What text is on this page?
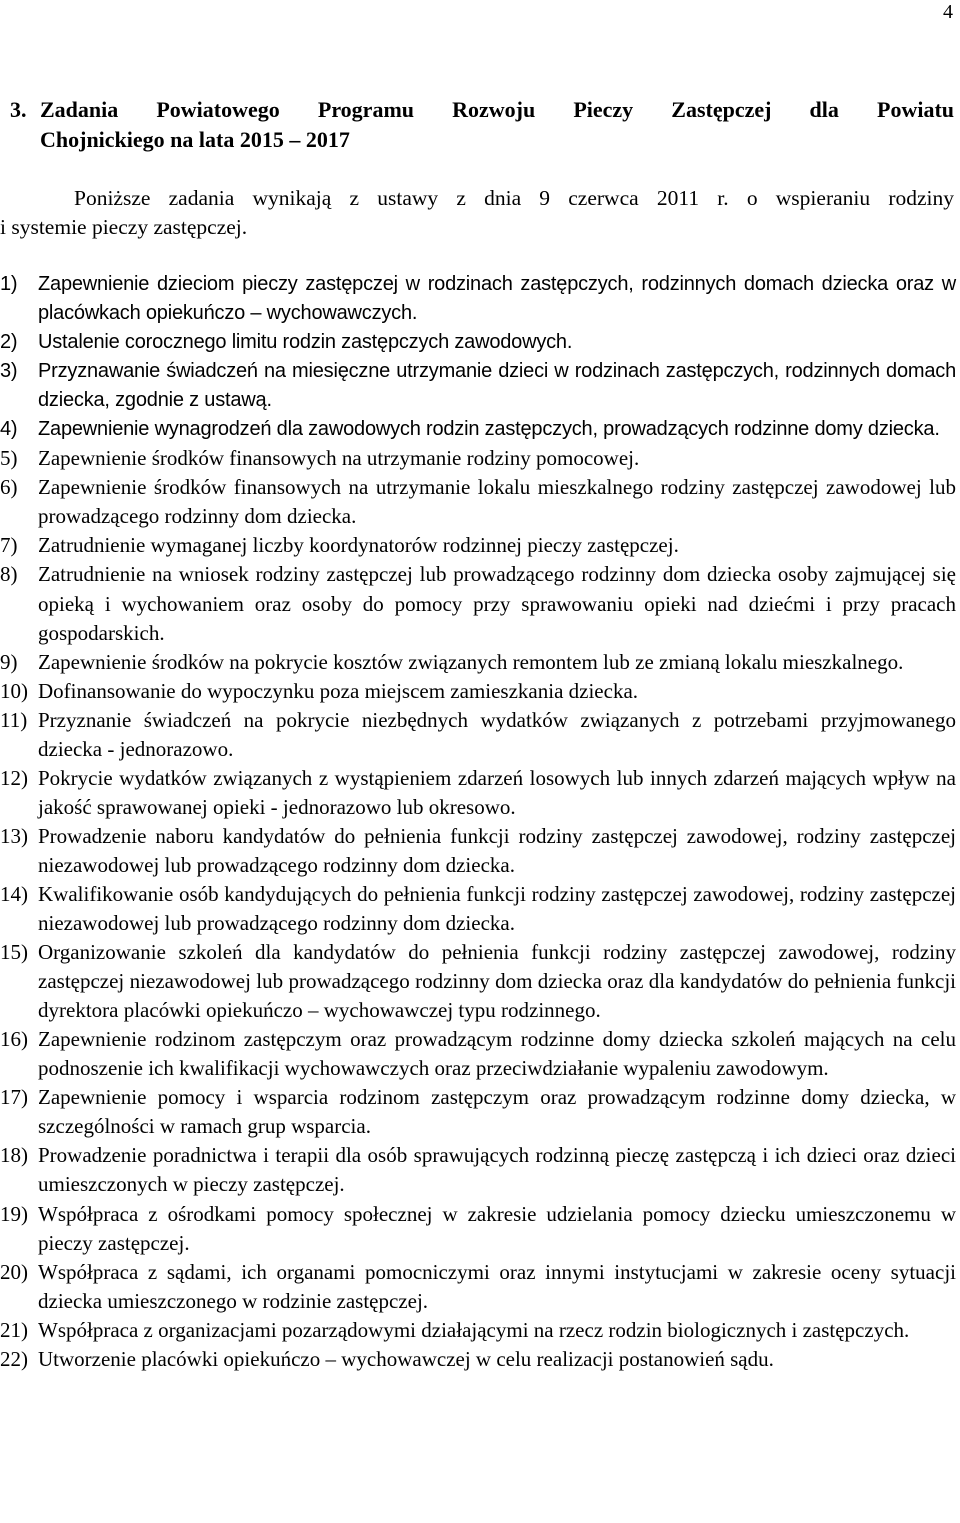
4
3. Zadania Powiatowego Programu Rozwoju Pieczy Zastępczej dla Powiatu
Chojnickiego na lata 2015 – 2017

Poniższe zadania wynikają z ustawy z dnia 9 czerwca 2011 r. o wspieraniu rodziny
i systemie pieczy zastępczej.

1)	Zapewnienie dzieciom pieczy zastępczej w rodzinach zastępczych, rodzinnych domach dziecka oraz w placówkach opiekuńczo – wychowawczych.
2)	Ustalenie corocznego limitu rodzin zastępczych zawodowych.
3)	Przyznawanie świadczeń na miesięczne utrzymanie dzieci w rodzinach zastępczych, rodzinnych domach dziecka, zgodnie z ustawą.
4)	Zapewnienie wynagrodzeń dla zawodowych rodzin zastępczych, prowadzących rodzinne domy dziecka.
5) Zapewnienie środków finansowych na utrzymanie rodziny pomocowej.
6) Zapewnienie środków finansowych na utrzymanie lokalu mieszkalnego rodziny zastępczej zawodowej lub prowadzącego rodzinny dom dziecka.
7) Zatrudnienie wymaganej liczby koordynatorów rodzinnej pieczy zastępczej.
8) Zatrudnienie na wniosek rodziny zastępczej lub prowadzącego rodzinny dom dziecka osoby zajmującej się opieką i wychowaniem oraz osoby do pomocy przy sprawowaniu opieki nad dziećmi i przy pracach gospodarskich.
9) Zapewnienie środków na pokrycie kosztów związanych remontem lub ze zmianą lokalu mieszkalnego.
10) Dofinansowanie do wypoczynku poza miejscem zamieszkania dziecka.
11) Przyznanie świadczeń na pokrycie niezbędnych wydatków związanych z potrzebami przyjmowanego dziecka - jednorazowo.
12) Pokrycie wydatków związanych z wystąpieniem zdarzeń losowych lub innych zdarzeń mających wpływ na jakość sprawowanej opieki - jednorazowo lub okresowo.
13) Prowadzenie naboru kandydatów do pełnienia funkcji rodziny zastępczej zawodowej, rodziny zastępczej niezawodowej lub prowadzącego rodzinny dom dziecka.
14) Kwalifikowanie osób kandydujących do pełnienia funkcji rodziny zastępczej zawodowej, rodziny zastępczej niezawodowej lub prowadzącego rodzinny dom dziecka.
15) Organizowanie szkoleń dla kandydatów do pełnienia funkcji rodziny zastępczej zawodowej, rodziny zastępczej niezawodowej lub prowadzącego rodzinny dom dziecka oraz dla kandydatów do pełnienia funkcji dyrektora placówki opiekuńczo – wychowawczej typu rodzinnego.
16) Zapewnienie rodzinom zastępczym oraz prowadzącym rodzinne domy dziecka szkoleń mających na celu podnoszenie ich kwalifikacji wychowawczych oraz przeciwdziałanie wypaleniu zawodowym.
17) Zapewnienie pomocy i wsparcia rodzinom zastępczym oraz prowadzącym rodzinne domy dziecka, w szczególności w ramach grup wsparcia.
18) Prowadzenie poradnictwa i terapii dla osób sprawujących rodzinną pieczę zastępczą i ich dzieci oraz dzieci umieszczonych w pieczy zastępczej.
19) Współpraca z ośrodkami pomocy społecznej w zakresie udzielania pomocy dziecku umieszczonemu w pieczy zastępczej.
20) Współpraca z sądami, ich organami pomocniczymi oraz innymi instytucjami w zakresie oceny sytuacji dziecka umieszczonego w rodzinie zastępczej.
21) Współpraca z organizacjami pozarządowymi działającymi na rzecz rodzin biologicznych i zastępczych.
22) Utworzenie placówki opiekuńczo – wychowawczej w celu realizacji postanowień sądu.
